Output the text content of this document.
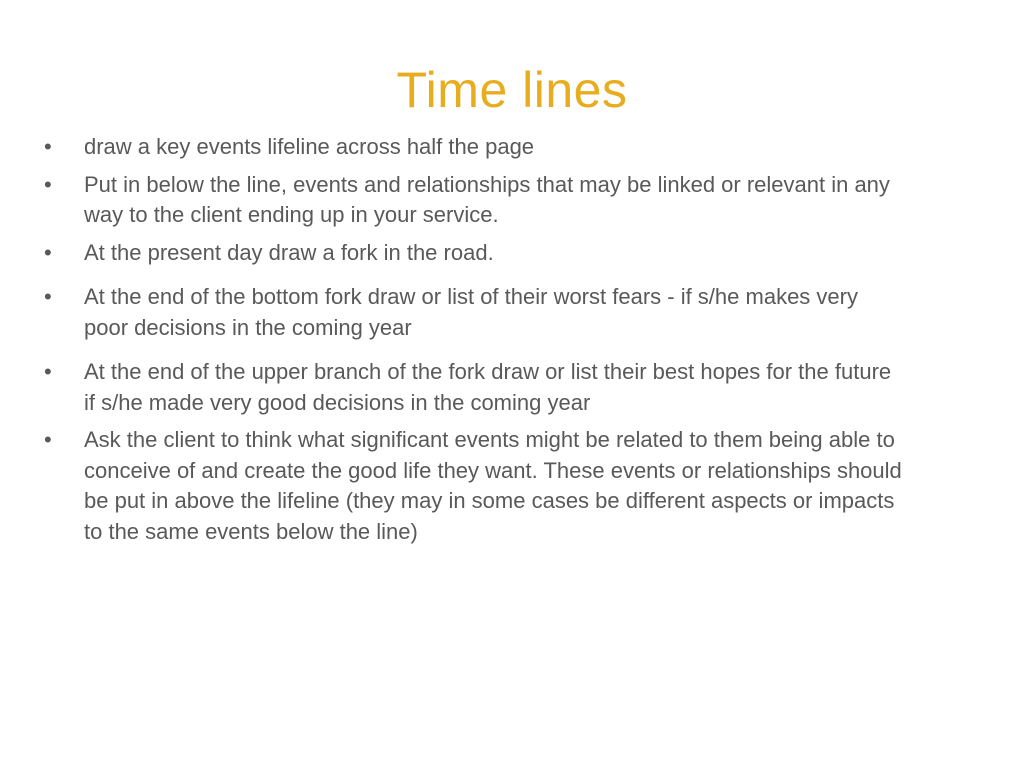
Time lines
• draw a key events lifeline across half the page
• Put in below the line, events and relationships that may be linked or relevant in any way to the client ending up in your service.
• At the present day draw a fork in the road.
• At the end of the bottom fork draw or list of their worst fears - if s/he makes very poor decisions in the coming year
• At the end of the upper branch of the fork draw or list their best hopes for the future if s/he made very good decisions in the coming year
• Ask the client to think what significant events might be related to them being able to conceive of and create the good life they want. These events or relationships should be put in above the lifeline (they may in some cases be different aspects or impacts to the same events below the line)
